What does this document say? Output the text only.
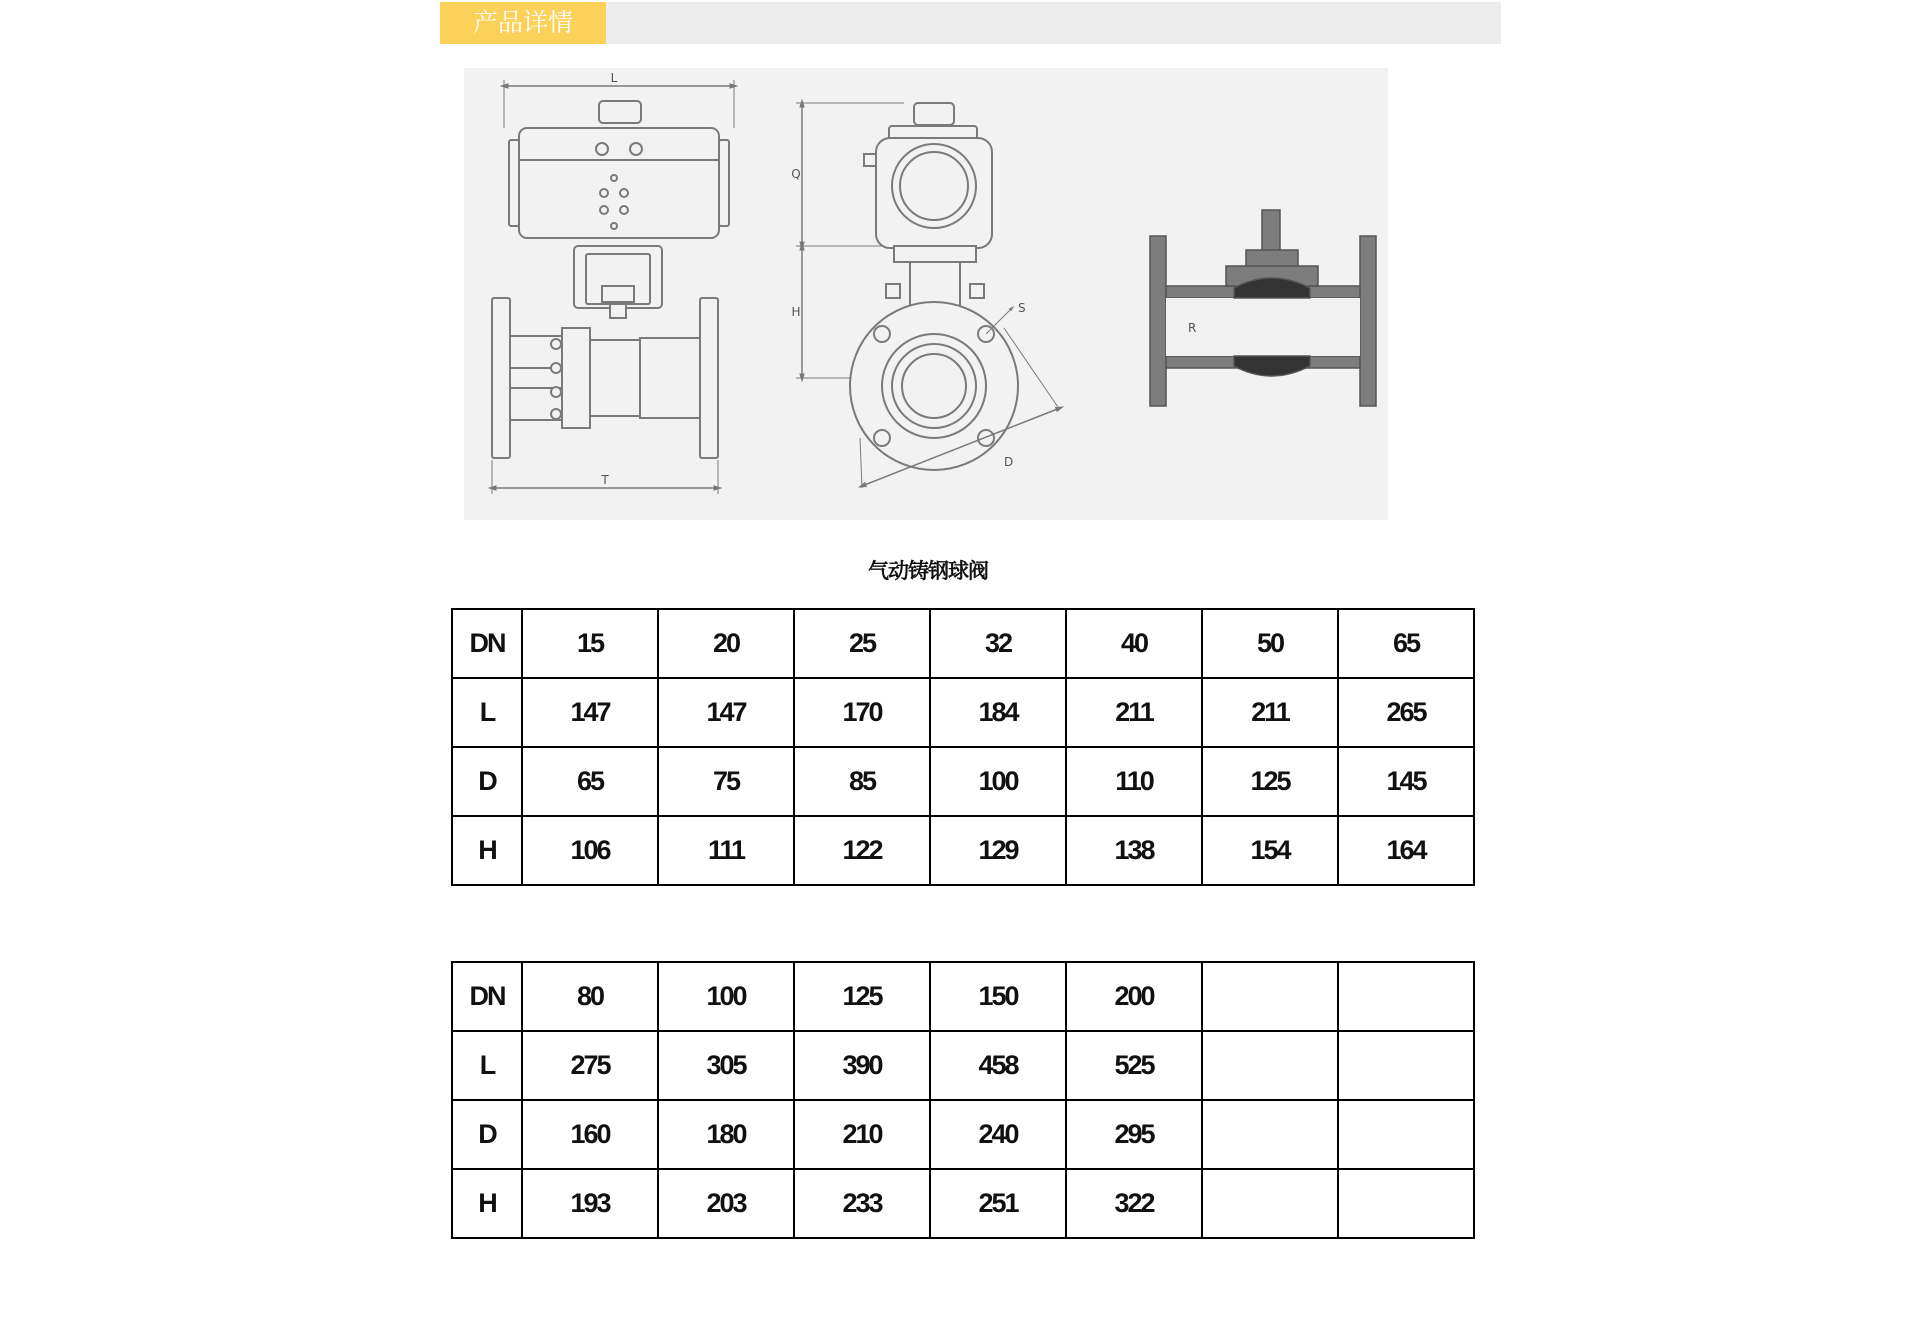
产品详情
L
T
Q
H	S
D
R
气动铸钢球阀
DN	15	20	25	32	40	50	65
L	147	147	170	184	211	211	265
D	65	75	85	100	110	125	145
H	106	111	122	129	138	154	164
DN	80	100	125	150	200		
L	275	305	390	458	525		
D	160	180	210	240	295		
H	193	203	233	251	322		
